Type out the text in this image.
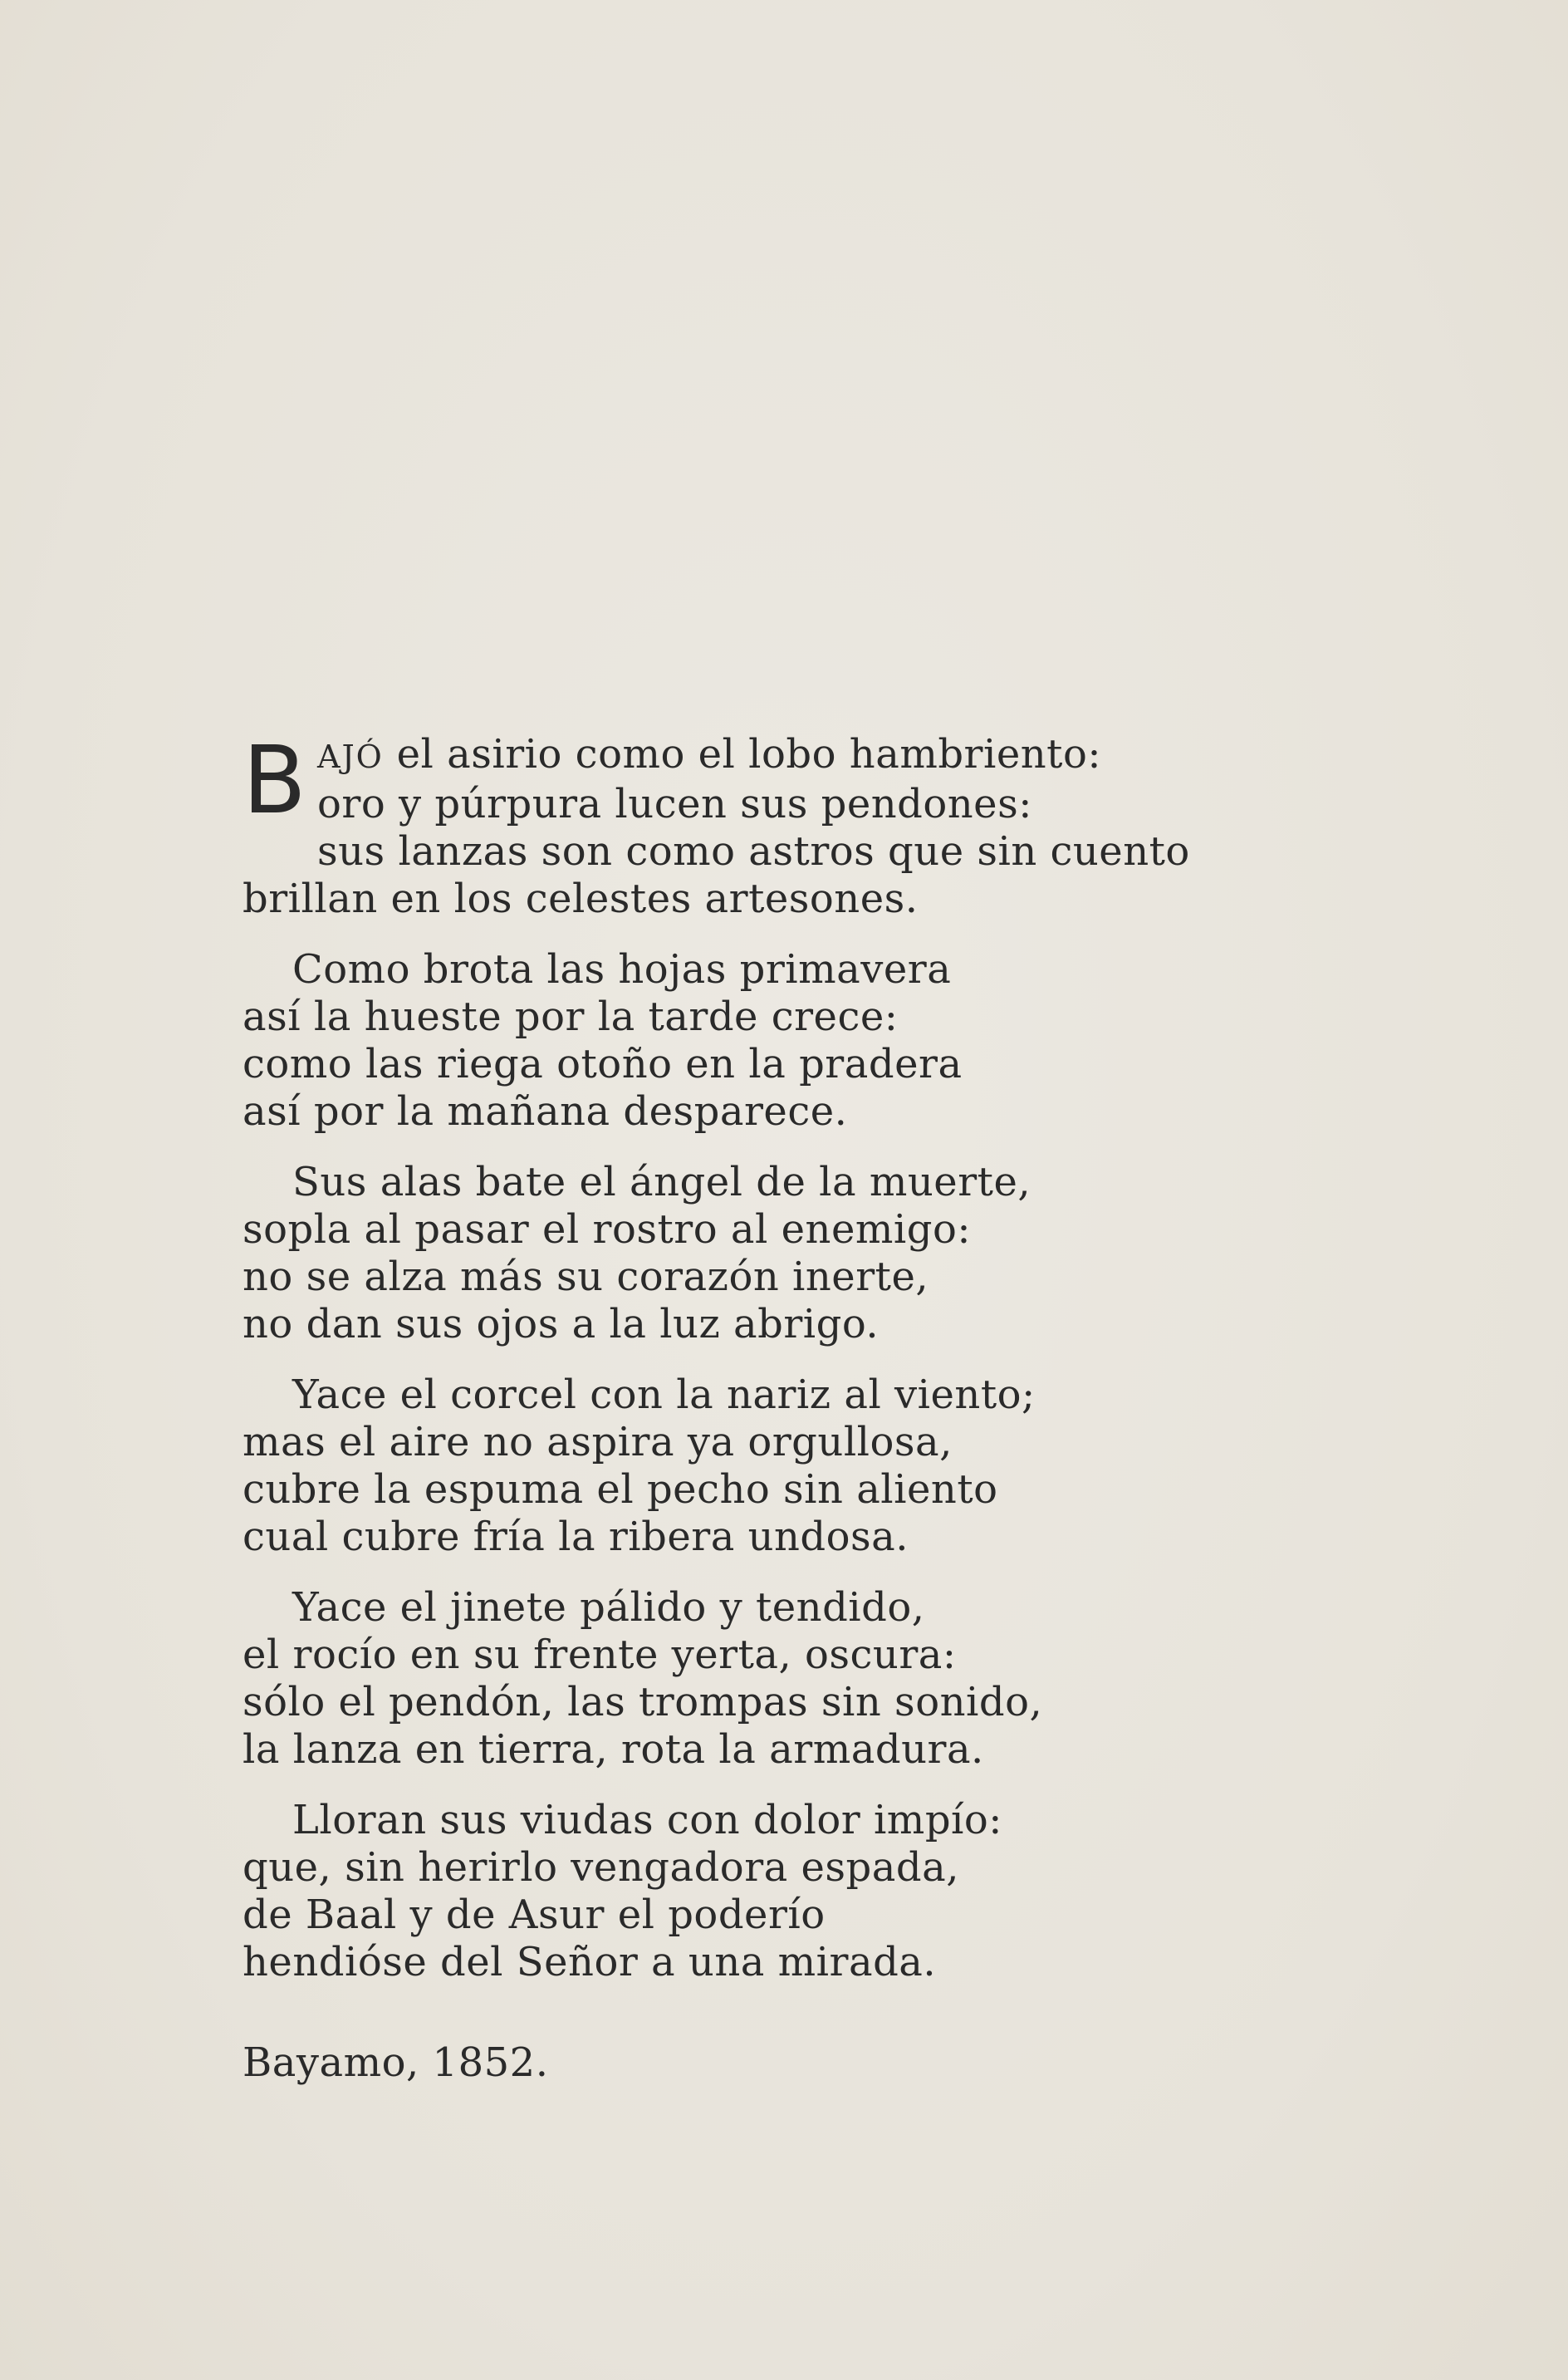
B AJÓ el asirio como el lobo hambriento:
oro y púrpura lucen sus pendones:
sus lanzas son como astros que sin cuento
brillan en los celestes artesones.
Como brota las hojas primavera
así la hueste por la tarde crece:
como las riega otoño en la pradera
así por la mañana desparece.
Sus alas bate el ángel de la muerte,
sopla al pasar el rostro al enemigo:
no se alza más su corazón inerte,
no dan sus ojos a la luz abrigo.
Yace el corcel con la nariz al viento;
mas el aire no aspira ya orgullosa,
cubre la espuma el pecho sin aliento
cual cubre fría la ribera undosa.
Yace el jinete pálido y tendido,
el rocío en su frente yerta, oscura:
sólo el pendón, las trompas sin sonido,
la lanza en tierra, rota la armadura.
Lloran sus viudas con dolor impío:
que, sin herirlo vengadora espada,
de Baal y de Asur el poderío
hendióse del Señor a una mirada.
Bayamo, 1852.
